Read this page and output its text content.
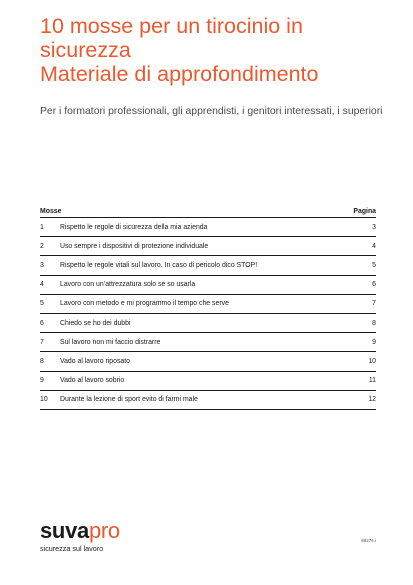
10 mosse per un tirocinio in
sicurezza
Materiale di approfondimento

Per i formatori professionali, gli apprendisti, i genitori interessati, i superiori

Mosse	Pagina
1	Rispetto le regole di sicurezza della mia azienda	3
2	Uso sempre i dispositivi di protezione individuale	4
3	Rispetto le regole vitali sul lavoro. In caso di pericolo dico STOP!	5
4	Lavoro con un’attrezzatura solo se so usarla	6
5	Lavoro con metodo e mi programmo il tempo che serve	7
6	Chiedo se ho dei dubbi	8
7	Sul lavoro non mi faccio distrarre	9
8	Vado al lavoro riposato	10
9	Vado al lavoro sobrio	11
10	Durante la lezione di sport evito di farmi male	12
suvapro
sicurezza sul lavoro
88274.i
